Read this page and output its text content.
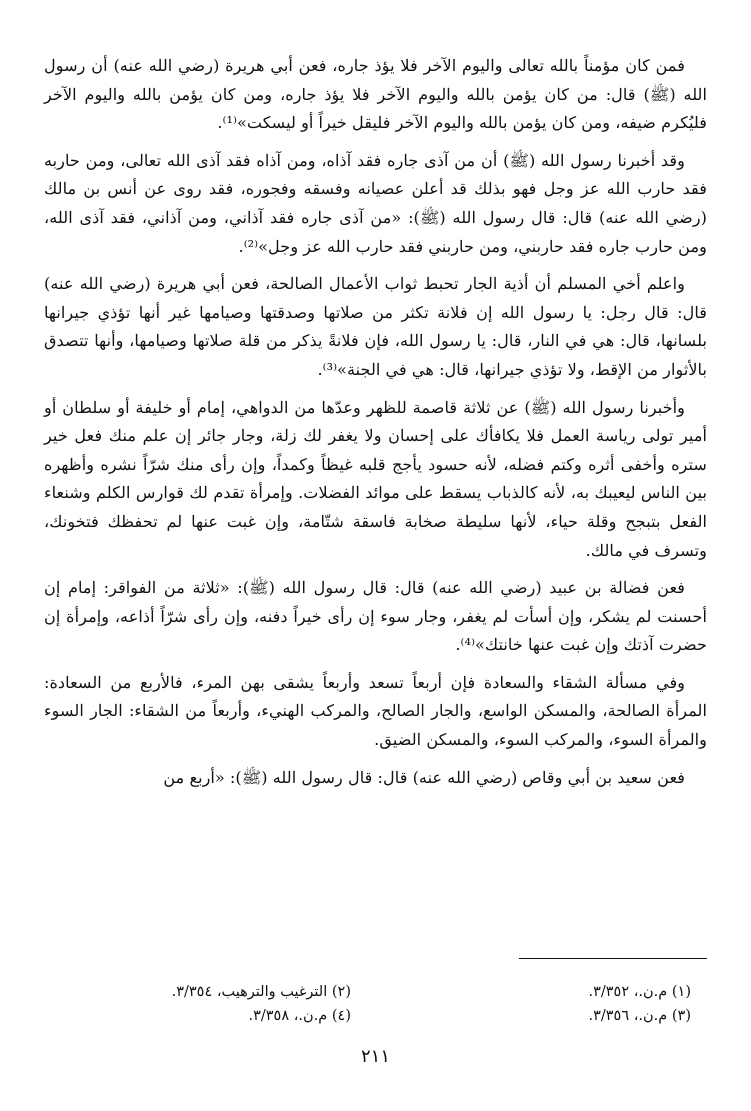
فمن كان مؤمناً بالله تعالى واليوم الآخر فلا يؤذ جاره، فعن أبي هريرة (رضي الله عنه) أن رسول الله (ﷺ) قال: من كان يؤمن بالله واليوم الآخر فلا يؤذ جاره، ومن كان يؤمن بالله واليوم الآخر فليُكرم ضيفه، ومن كان يؤمن بالله واليوم الآخر فليقل خيراً أو ليسكت»⁽¹⁾.

وقد أخبرنا رسول الله (ﷺ) أن من آذى جاره فقد آذاه، ومن آذاه فقد آذى الله تعالى، ومن حاربه فقد حارب الله عز وجل فهو بذلك قد أعلن عصيانه وفسقه وفجوره، فقد روى عن أنس بن مالك (رضي الله عنه) قال: قال رسول الله (ﷺ): «من آذى جاره فقد آذاني، ومن آذاني، فقد آذى الله، ومن حارب جاره فقد حاربني، ومن حاربني فقد حارب الله عز وجل»⁽²⁾.

واعلم أخي المسلم أن أذية الجار تحبط ثواب الأعمال الصالحة، فعن أبي هريرة (رضي الله عنه) قال: قال رجل: يا رسول الله إن فلانة تكثر من صلاتها وصدقتها وصيامها غير أنها تؤذي جيرانها بلسانها، قال: هي في النار، قال: يا رسول الله، فإن فلانةً يذكر من قلة صلاتها وصيامها، وأنها تتصدق بالأثوار من الإقط، ولا تؤذي جيرانها، قال: هي في الجنة»⁽³⁾.

وأخبرنا رسول الله (ﷺ) عن ثلاثة قاصمة للظهر وعدّها من الدواهي، إمام أو خليفة أو سلطان أو أمير تولى رياسة العمل فلا يكافأك على إحسان ولا يغفر لك زلة، وجار جائر إن علم منك فعل خير ستره وأخفى أثره وكتم فضله، لأنه حسود يأجج قلبه غيظاً وكمداً، وإن رأى منك شرّاً نشره وأظهره بين الناس ليعيبك به، لأنه كالذباب يسقط على موائد الفضلات. وإمرأة تقدم لك قوارس الكلم وشنعاء الفعل بتبجح وقلة حياء، لأنها سليطة صخابة فاسقة شتّامة، وإن غبت عنها لم تحفظك فتخونك، وتسرف في مالك.

فعن فضالة بن عبيد (رضي الله عنه) قال: قال رسول الله (ﷺ): «ثلاثة من الفواقر: إمام إن أحسنت لم يشكر، وإن أسأت لم يغفر، وجار سوء إن رأى خيراً دفنه، وإن رأى شرّاً أذاعه، وإمرأة إن حضرت آذتك وإن غبت عنها خانتك»⁽⁴⁾.

وفي مسألة الشقاء والسعادة فإن أربعاً تسعد وأربعاً يشقى بهن المرء، فالأربع من السعادة: المرأة الصالحة، والمسكن الواسع، والجار الصالح، والمركب الهنيء، وأربعاً من الشقاء: الجار السوء والمرأة السوء، والمركب السوء، والمسكن الضيق.

فعن سعيد بن أبي وقاص (رضي الله عنه) قال: قال رسول الله (ﷺ): «أربع من

(١) م.ن.، ٣/٣٥٢.
(٢) الترغيب والترهيب، ٣/٣٥٤.
(٣) م.ن.، ٣/٣٥٦.
(٤) م.ن.، ٣/٣٥٨.
٢١١
